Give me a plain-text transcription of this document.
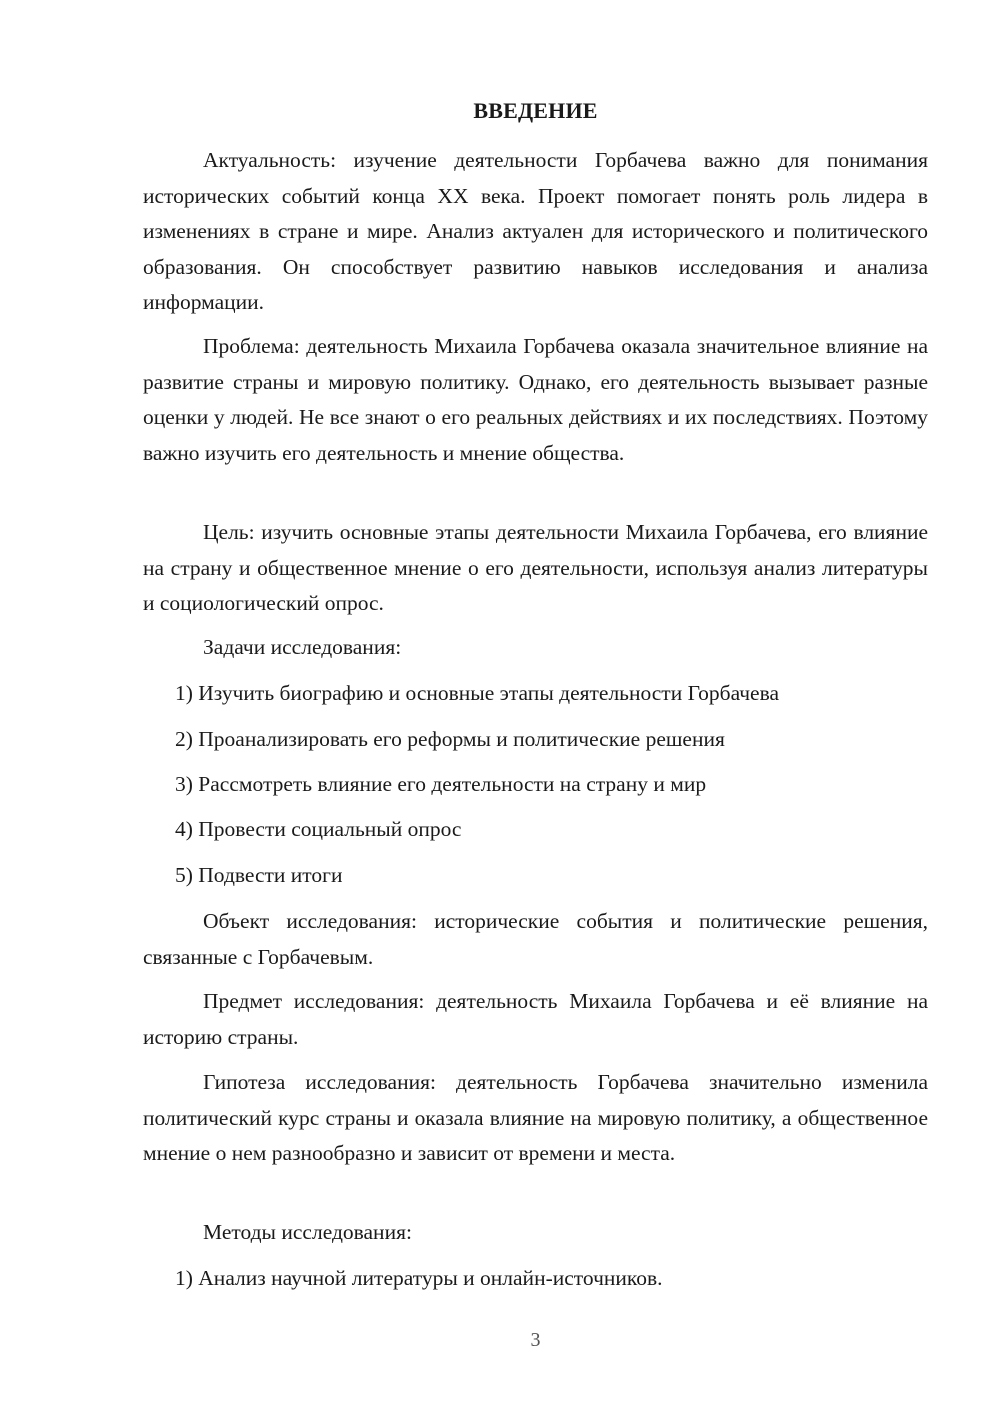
ВВЕДЕНИЕ

Актуальность: изучение деятельности Горбачева важно для понимания исторических событий конца XX века. Проект помогает понять роль лидера в изменениях в стране и мире. Анализ актуален для исторического и политического образования. Он способствует развитию навыков исследования и анализа информации.

Проблема: деятельность Михаила Горбачева оказала значительное влияние на развитие страны и мировую политику. Однако, его деятельность вызывает разные оценки у людей. Не все знают о его реальных действиях и их последствиях. Поэтому важно изучить его деятельность и мнение общества.

Цель: изучить основные этапы деятельности Михаила Горбачева, его влияние на страну и общественное мнение о его деятельности, используя анализ литературы и социологический опрос.

Задачи исследования:

1) Изучить биографию и основные этапы деятельности Горбачева

2) Проанализировать его реформы и политические решения

3) Рассмотреть влияние его деятельности на страну и мир

4) Провести социальный опрос

5) Подвести итоги

Объект исследования: исторические события и политические решения, связанные с Горбачевым.

Предмет исследования: деятельность Михаила Горбачева и её влияние на историю страны.

Гипотеза исследования: деятельность Горбачева значительно изменила политический курс страны и оказала влияние на мировую политику, а общественное мнение о нем разнообразно и зависит от времени и места.

Методы исследования:

1) Анализ научной литературы и онлайн-источников.

3
